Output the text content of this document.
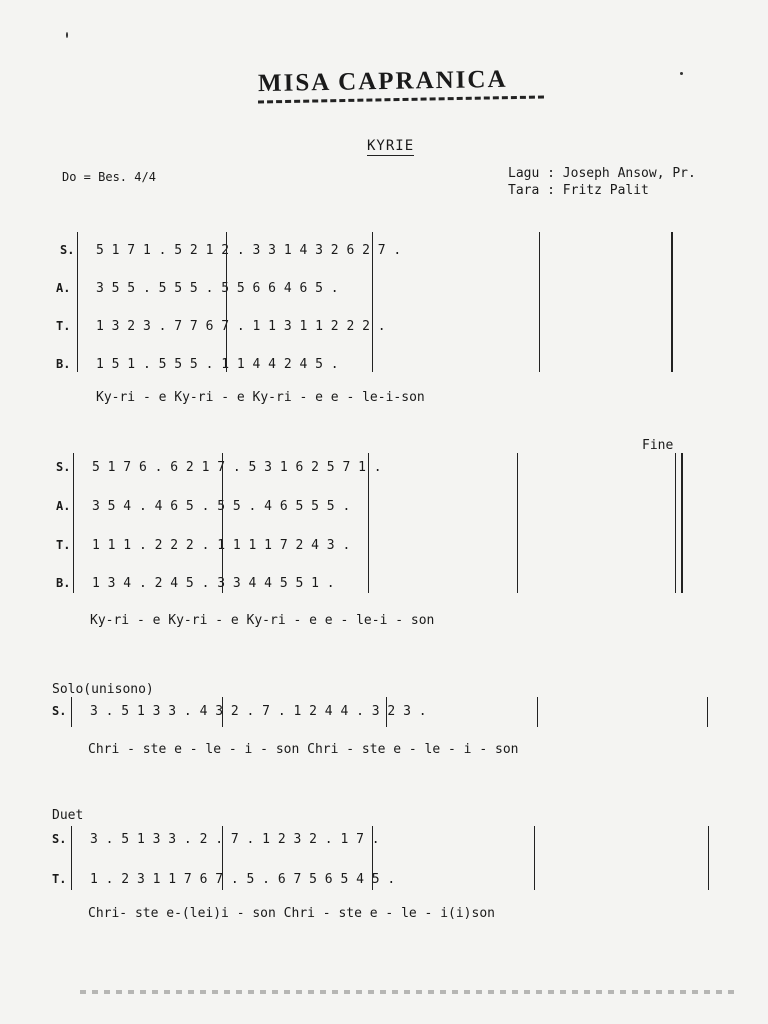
MISA CAPRANICA
KYRIE
Do = Bes. 4/4	Lagu : Joseph Ansow, Pr.
Tara : Fritz Palit
S.
A.
T.
B.
5 1 7 1 . 5 2 1 2 . 3 3 1 4 3 2 6 2 7 .
3 5 5 . 5 5 5 . 5 5 6 6 4 6 5 .
1 3 2 3 . 7 7 6 7 . 1 1 3 1 1 2 2 2 .
1 5 1 . 5 5 5 . 1 1 4 4 2 4 5 .
Ky-ri - e Ky-ri - e Ky-ri - e e - le-i-son
Fine
S.
A.
T.
B.
5 1 7 6 . 6 2 1 7 . 5 3 1 6 2 5 7 1 .
3 5 4 . 4 6 5 . 5 5 . 4 6 5 5 5 .
1 1 1 . 2 2 2 . 1 1 1 1 7 2 4 3 .
1 3 4 . 2 4 5 . 3 3 4 4 5 5 1 .
Ky-ri - e Ky-ri - e Ky-ri - e e - le-i - son
Solo(unisono)
S. 3 . 5 1 3 3 . 4 3 2 . 7 . 1 2 4 4 . 3 2 3 .
Chri - ste e - le - i - son Chri - ste e - le - i - son
Duet
S.
T.
3 . 5 1 3 3 . 2 . 7 . 1 2 3 2 . 1 7 .
1 . 2 3 1 1 7 6 7 . 5 . 6 7 5 6 5 4 5 .
Chri- ste e-(lei)i - son Chri - ste e - le - i(i)son
